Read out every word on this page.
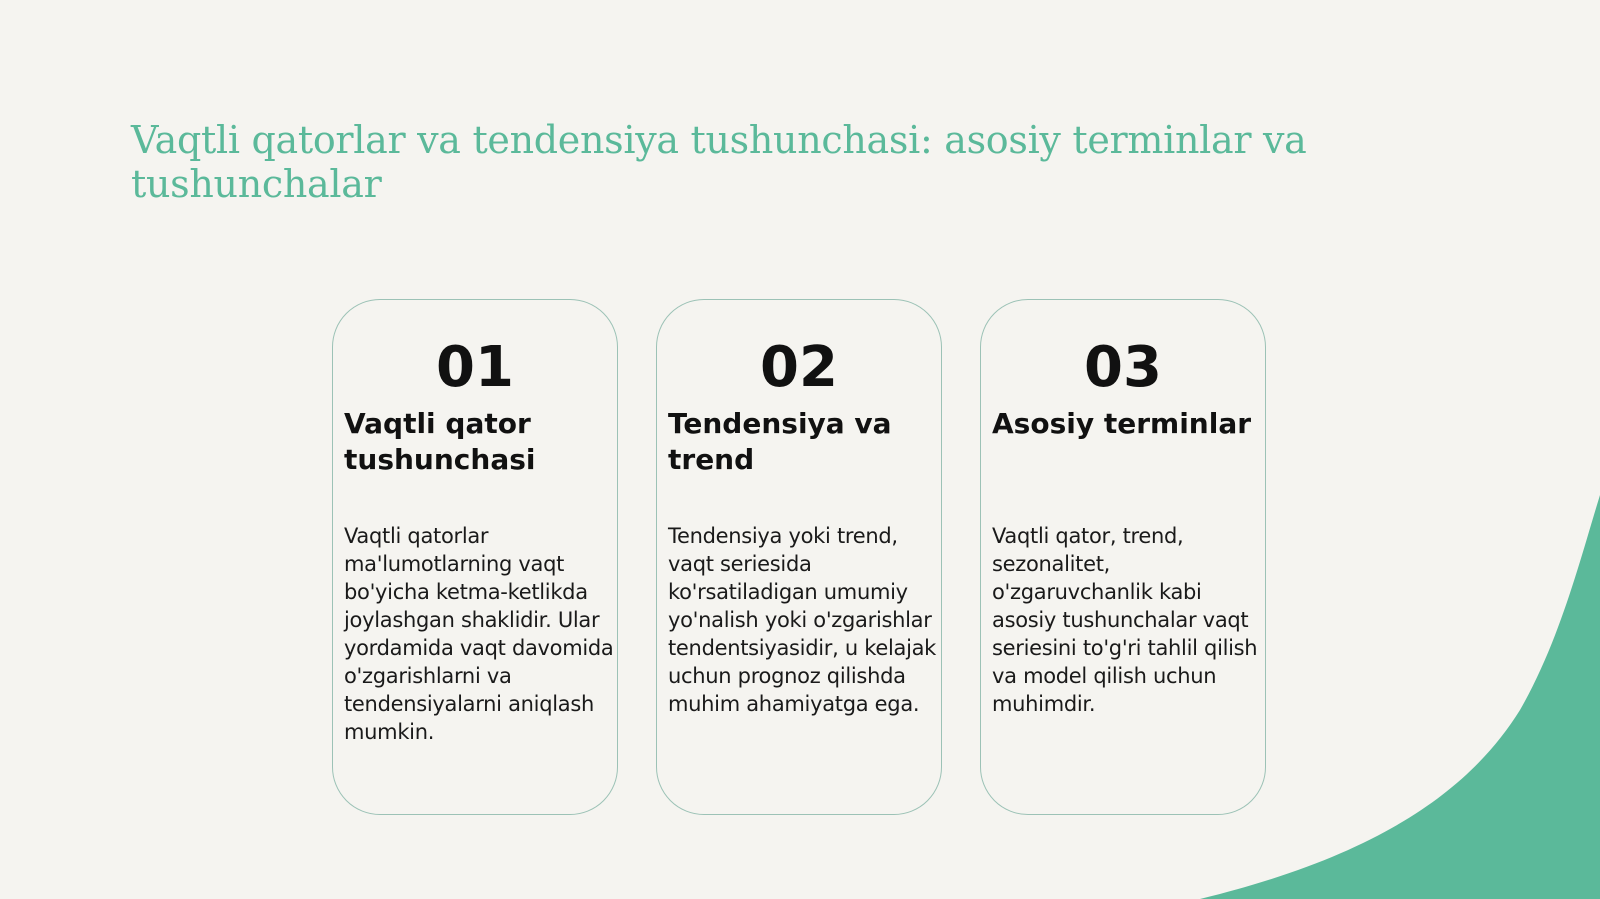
Vaqtli qatorlar va tendensiya tushunchasi: asosiy terminlar va tushunchalar
01
Vaqtli qator tushunchasi

Vaqtli qatorlar ma'lumotlarning vaqt bo'yicha ketma-ketlikda joylashgan shaklidir. Ular yordamida vaqt davomida o'zgarishlarni va tendensiyalarni aniqlash mumkin.

02
Tendensiya va trend

Tendensiya yoki trend, vaqt seriesida ko'rsatiladigan umumiy yo'nalish yoki o'zgarishlar tendentsiyasidir, u kelajak uchun prognoz qilishda muhim ahamiyatga ega.

03
Asosiy terminlar

Vaqtli qator, trend, sezonalitet, o'zgaruvchanlik kabi asosiy tushunchalar vaqt seriesini to'g'ri tahlil qilish va model qilish uchun muhimdir.
